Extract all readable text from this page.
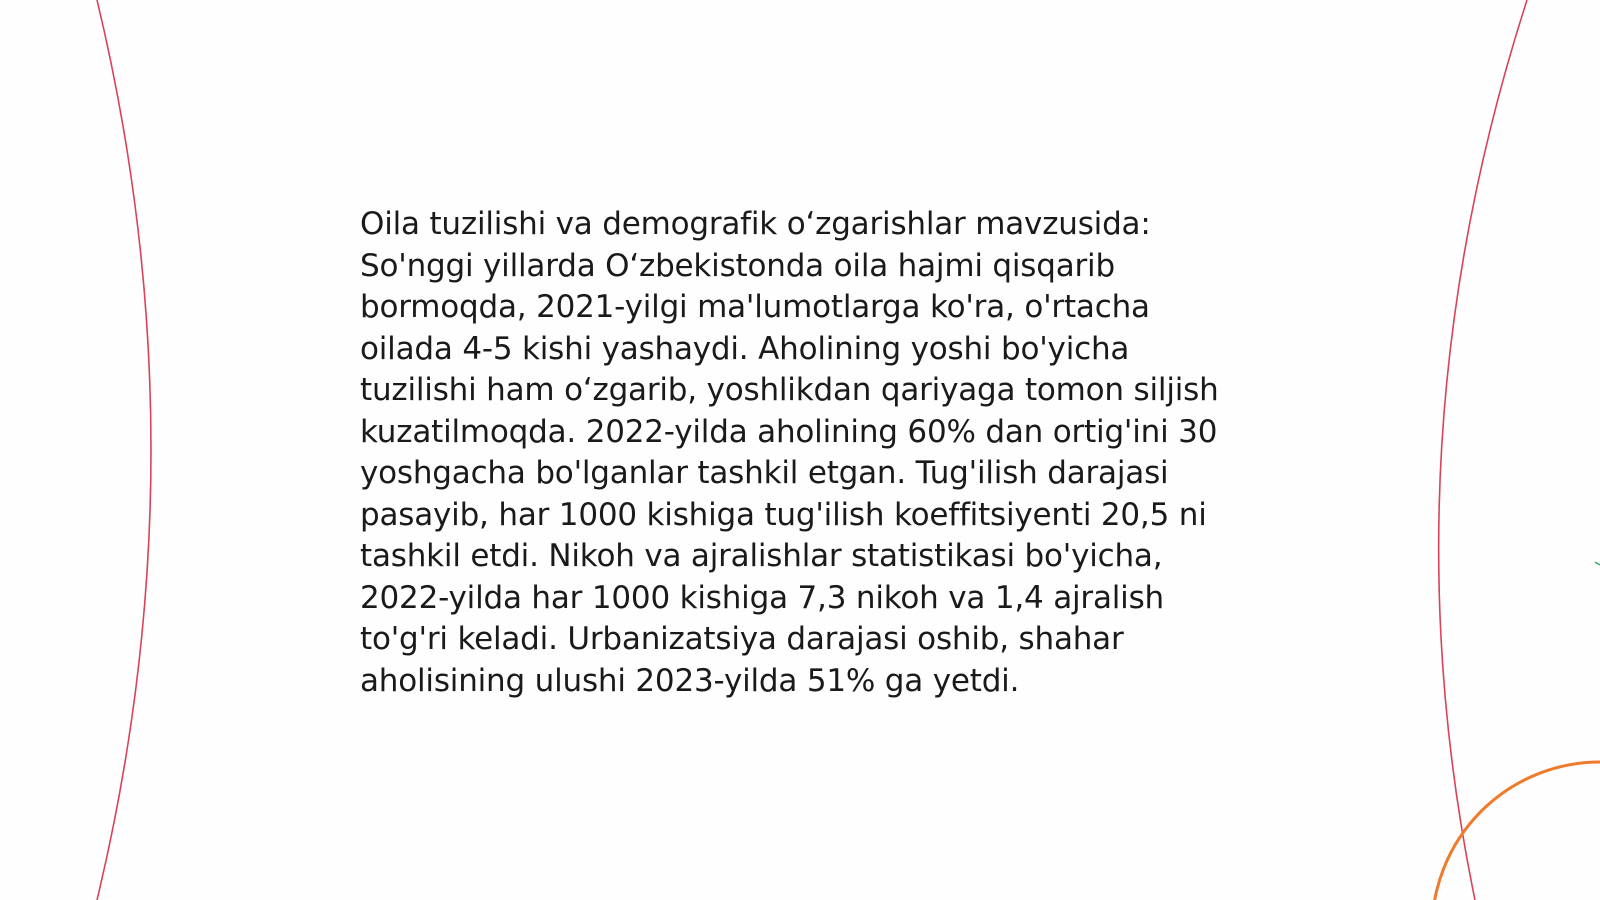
Oila tuzilishi va demografik oʻzgarishlar mavzusida: So'nggi yillarda Oʻzbekistonda oila hajmi qisqarib bormoqda, 2021-yilgi ma'lumotlarga ko'ra, o'rtacha oilada 4-5 kishi yashaydi. Aholining yoshi bo'yicha tuzilishi ham oʻzgarib, yoshlikdan qariyaga tomon siljish kuzatilmoqda. 2022-yilda aholining 60% dan ortig'ini 30 yoshgacha bo'lganlar tashkil etgan. Tug'ilish darajasi pasayib, har 1000 kishiga tug'ilish koeffitsiyenti 20,5 ni tashkil etdi. Nikoh va ajralishlar statistikasi bo'yicha, 2022-yilda har 1000 kishiga 7,3 nikoh va 1,4 ajralish to'g'ri keladi. Urbanizatsiya darajasi oshib, shahar aholisining ulushi 2023-yilda 51% ga yetdi.
